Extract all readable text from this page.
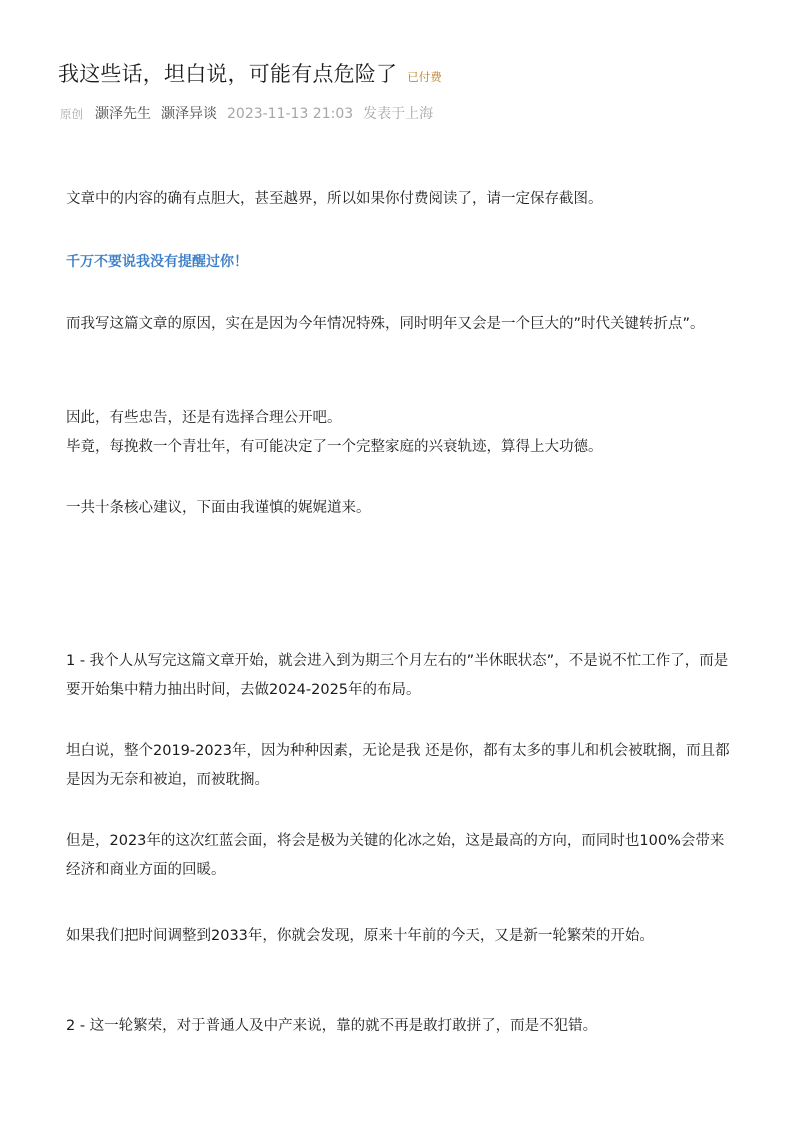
我这些话，坦白说，可能有点危险了 已付费
原创 灏泽先生 灏泽异谈 2023-11-13 21:03 发表于上海

文章中的内容的确有点胆大，甚至越界，所以如果你付费阅读了，请一定保存截图。

千万不要说我没有提醒过你！

而我写这篇文章的原因，实在是因为今年情况特殊，同时明年又会是一个巨大的”时代关键转折点”。

因此，有些忠告，还是有选择合理公开吧。

毕竟，每挽救一个青壮年，有可能决定了一个完整家庭的兴衰轨迹，算得上大功德。

一共十条核心建议，下面由我谨慎的娓娓道来。

1 - 我个人从写完这篇文章开始，就会进入到为期三个月左右的”半休眠状态”，不是说不忙工作了，而是要开始集中精力抽出时间，去做2024-2025年的布局。

坦白说，整个2019-2023年，因为种种因素，无论是我 还是你，都有太多的事儿和机会被耽搁，而且都是因为无奈和被迫，而被耽搁。

但是，2023年的这次红蓝会面，将会是极为关键的化冰之始，这是最高的方向，而同时也100%会带来经济和商业方面的回暖。

如果我们把时间调整到2033年，你就会发现，原来十年前的今天，又是新一轮繁荣的开始。

2 - 这一轮繁荣，对于普通人及中产来说，靠的就不再是敢打敢拼了，而是不犯错。
